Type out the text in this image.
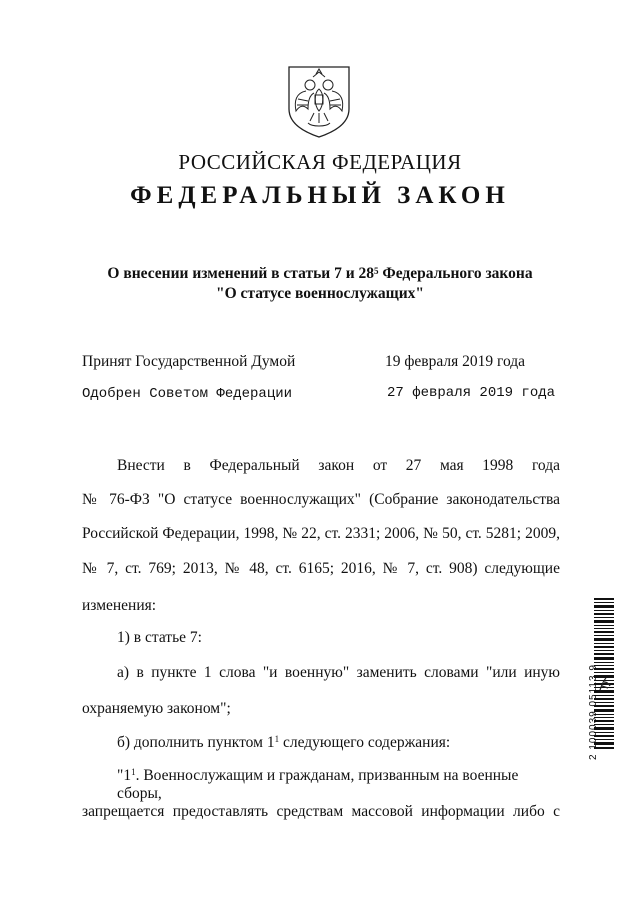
РОССИЙСКАЯ ФЕДЕРАЦИЯ
ФЕДЕРАЛЬНЫЙ ЗАКОН
О внесении изменений в статьи 7 и $28^5$ Федерального закона
"О статусе военнослужащих"
Принят Государственной Думой	19 февраля 2019 года
Одобрен Советом Федерации	27 февраля 2019 года
Внести в Федеральный закон от 27 мая 1998 года
№ 76-ФЗ "О статусе военнослужащих" (Собрание законодательства
Российской Федерации, 1998, № 22, ст. 2331; 2006, № 50, ст. 5281; 2009,
№ 7, ст. 769; 2013, № 48, ст. 6165; 2016, № 7, ст. 908) следующие
изменения:
1) в статье 7:
а) в пункте 1 слова "и военную" заменить словами "или иную
охраняемую законом";
б) дополнить пунктом $1^1$ следующего содержания:
"$1^1$. Военнослужащим и гражданам, призванным на военные сборы,
запрещается предоставлять средствам массовой информации либо с
2 100039 05113 9
